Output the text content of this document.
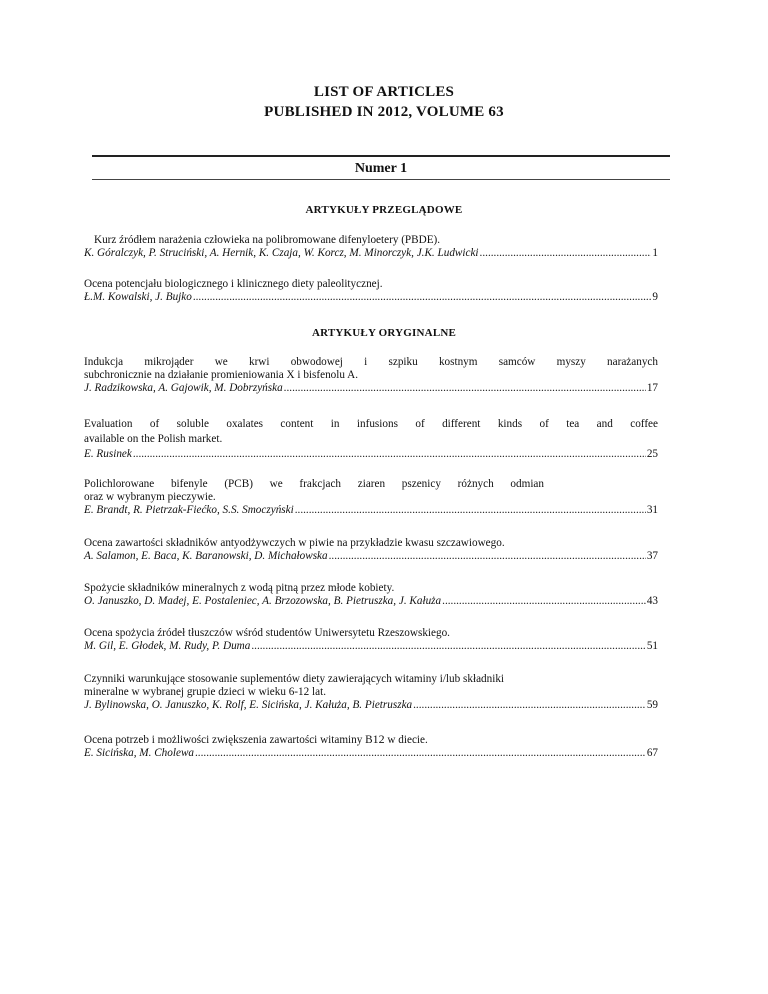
LIST OF ARTICLES
PUBLISHED IN 2012, VOLUME 63
Numer 1
ARTYKUŁY PRZEGLĄDOWE
Kurz źródłem narażenia człowieka na polibromowane difenyloetery (PBDE).
K. Góralczyk, P. Struciński, A. Hernik, K. Czaja, W. Korcz, M. Minorczyk, J.K. Ludwicki .....	1
Ocena potencjału biologicznego i klinicznego diety paleolitycznej.
Ł.M. Kowalski, J. Bujko .....	9
ARTYKUŁY ORYGINALNE
Indukcja mikrojąder we krwi obwodowej i szpiku kostnym samców myszy narażanych
subchronicznie na działanie promieniowania X i bisfenolu A.
J. Radzikowska, A. Gajowik, M. Dobrzyńska .....	17
Evaluation of soluble oxalates content in infusions of different kinds of tea and coffee
available on the Polish market.
E. Rusinek .....	25
Polichlorowane bifenyle (PCB) we frakcjach ziaren pszenicy różnych odmian
oraz w wybranym pieczywie.
E. Brandt, R. Pietrzak-Fiećko, S.S. Smoczyński .....	31
Ocena zawartości składników antyodżywczych w piwie na przykładzie kwasu szczawiowego.
A. Salamon, E. Baca, K. Baranowski, D. Michałowska .....	37
Spożycie składników mineralnych z wodą pitną przez młode kobiety.
O. Januszko, D. Madej, E. Postaleniec, A. Brzozowska, B. Pietruszka, J. Kałuża .....	43
Ocena spożycia źródeł tłuszczów wśród studentów Uniwersytetu Rzeszowskiego.
M. Gil, E. Głodek, M. Rudy, P. Duma .....	51
Czynniki warunkujące stosowanie suplementów diety zawierających witaminy i/lub składniki
mineralne w wybranej grupie dzieci w wieku 6-12 lat.
J. Bylinowska, O. Januszko, K. Rolf, E. Sicińska, J. Kałuża, B. Pietruszka .....	59
Ocena potrzeb i możliwości zwiększenia zawartości witaminy B12 w diecie.
E. Sicińska, M. Cholewa .....	67
